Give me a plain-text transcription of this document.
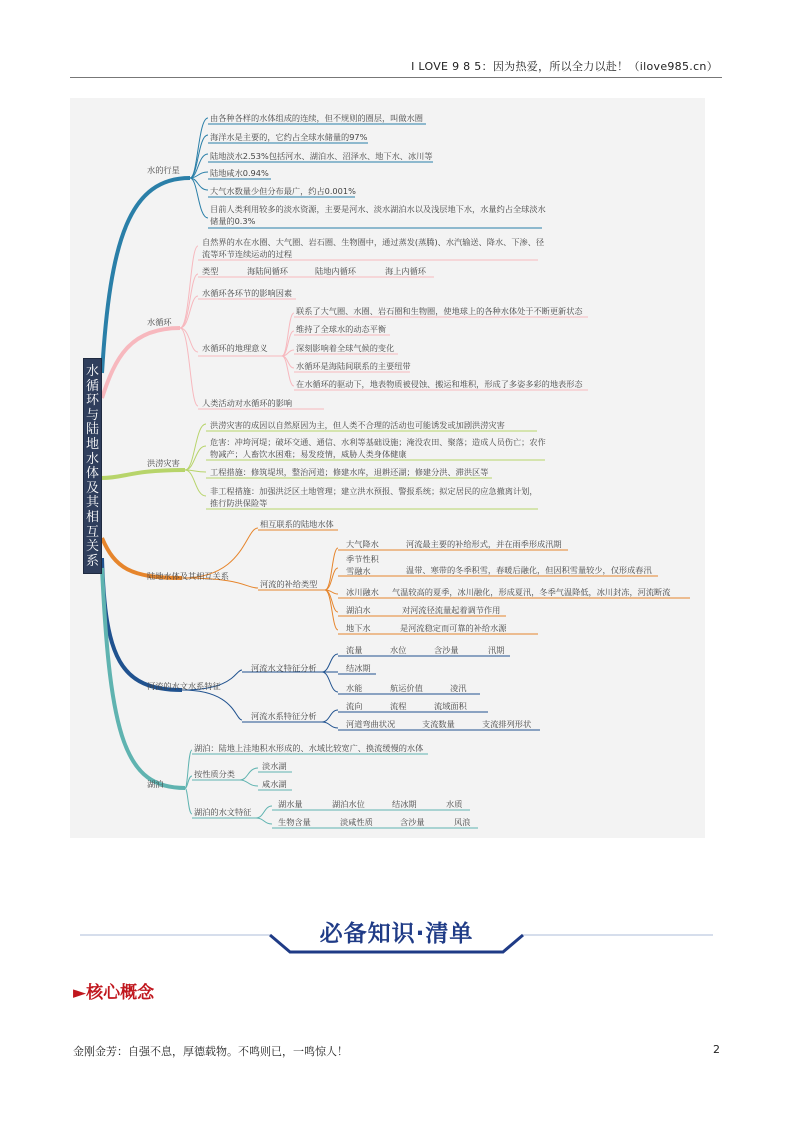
I LOVE 9 8 5：因为热爱，所以全力以赴！（ilove985.cn）
水
循
环
与
陆
地
水
体
及
其
相
互
关
系
水的行星
由各种各样的水体组成的连续，但不规则的圈层，叫做水圈
海洋水是主要的，它约占全球水储量的97%
陆地淡水2.53%包括河水、湖泊水、沼泽水、地下水、冰川等
陆地咸水0.94%
大气水数量少但分布最广，约占0.001%
目前人类利用较多的淡水资源，主要是河水、淡水湖泊水以及浅层地下水，水量约占全球淡水储量的0.3%
水循环
自然界的水在水圈、大气圈、岩石圈、生物圈中，通过蒸发(蒸腾)、水汽输送、降水、下渗、径流等环节连续运动的过程
类型	海陆间循环	陆地内循环	海上内循环
水循环各环节的影响因素
水循环的地理意义
联系了大气圈、水圈、岩石圈和生物圈，使地球上的各种水体处于不断更新状态
维持了全球水的动态平衡
深刻影响着全球气候的变化
水循环是海陆间联系的主要纽带
在水循环的驱动下，地表物质被侵蚀、搬运和堆积，形成了多姿多彩的地表形态
人类活动对水循环的影响
洪涝灾害
洪涝灾害的成因以自然原因为主，但人类不合理的活动也可能诱发或加剧洪涝灾害
危害：冲垮河堤；破坏交通、通信、水利等基础设施；淹没农田、聚落；造成人员伤亡；农作物减产；人畜饮水困难；易发疫情，威胁人类身体健康
工程措施：修筑堤坝，整治河道；修建水库，退耕还湖；修建分洪、滞洪区等
非工程措施：加强洪泛区土地管理；建立洪水预报、警报系统；拟定居民的应急撤离计划，推行防洪保险等
陆地水体及其相互关系
相互联系的陆地水体
河流的补给类型
大气降水	河流最主要的补给形式，并在雨季形成汛期
季节性积雪融水	温带、寒带的冬季积雪，春暖后融化，但因积雪量较少，仅形成春汛
冰川融水 气温较高的夏季，冰川融化，形成夏汛，冬季气温降低，冰川封冻，河流断流
湖泊水	对河流径流量起着调节作用
地下水	是河流稳定而可靠的补给水源
河流的水文水系特征
河流水文特征分析
流量	水位	含沙量	汛期
结冰期
水能	航运价值	凌汛
河流水系特征分析
流向	流程	流域面积
河道弯曲状况	支流数量	支流排列形状
湖泊
湖泊：陆地上洼地积水形成的、水域比较宽广、换流缓慢的水体
按性质分类
淡水湖
咸水湖
湖泊的水文特征
湖水量	湖泊水位	结冰期	水质
生物含量	淡咸性质	含沙量	风浪
必备知识·清单
►核心概念
金刚金芳：自强不息，厚德载物。不鸣则已，一鸣惊人！	2
